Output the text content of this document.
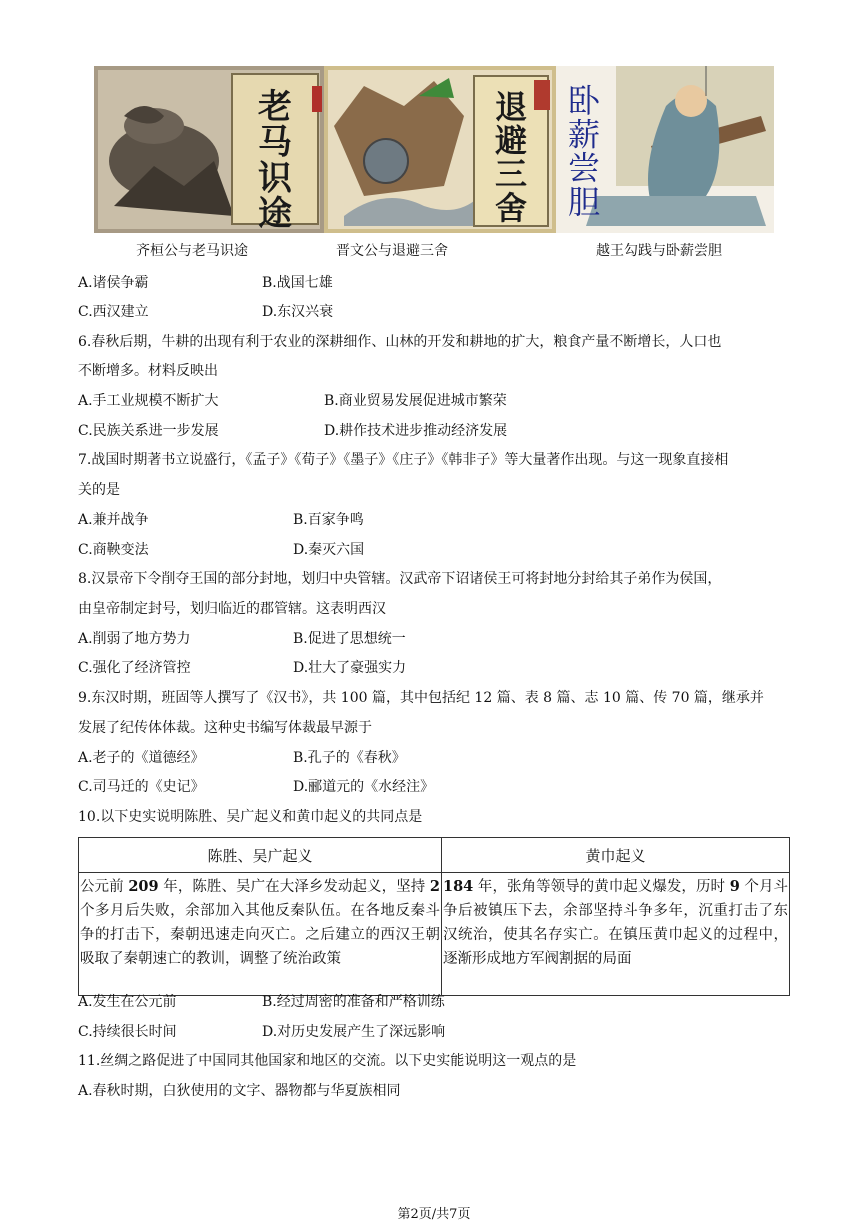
老马识途
退避三舍
卧薪尝胆
齐桓公与老马识途	晋文公与退避三舍	越王勾践与卧薪尝胆
A.诸侯争霸	B.战国七雄
C.西汉建立	D.东汉兴衰
6.春秋后期，牛耕的出现有利于农业的深耕细作、山林的开发和耕地的扩大，粮食产量不断增长，人口也
不断增多。材料反映出
A.手工业规模不断扩大	B.商业贸易发展促进城市繁荣
C.民族关系进一步发展	D.耕作技术进步推动经济发展
7.战国时期著书立说盛行，《孟子》《荀子》《墨子》《庄子》《韩非子》等大量著作出现。与这一现象直接相
关的是
A.兼并战争	B.百家争鸣
C.商鞅变法	D.秦灭六国
8.汉景帝下令削夺王国的部分封地，划归中央管辖。汉武帝下诏诸侯王可将封地分封给其子弟作为侯国，
由皇帝制定封号，划归临近的郡管辖。这表明西汉
A.削弱了地方势力	B.促进了思想统一
C.强化了经济管控	D.壮大了豪强实力
9.东汉时期，班固等人撰写了《汉书》，共 100 篇，其中包括纪 12 篇、表 8 篇、志 10 篇、传 70 篇，继承并
发展了纪传体体裁。这种史书编写体裁最早源于
A.老子的《道德经》	B.孔子的《春秋》
C.司马迁的《史记》	D.郦道元的《水经注》
10.以下史实说明陈胜、吴广起义和黄巾起义的共同点是
陈胜、吴广起义	黄巾起义
公元前 209 年，陈胜、吴广在大泽乡发动起义，坚持 2 个多月后失败，余部加入其他反秦队伍。在各地反秦斗争的打击下，秦朝迅速走向灭亡。之后建立的西汉王朝吸取了秦朝速亡的教训，调整了统治政策	184 年，张角等领导的黄巾起义爆发，历时 9 个月斗争后被镇压下去，余部坚持斗争多年，沉重打击了东汉统治，使其名存实亡。在镇压黄巾起义的过程中，逐渐形成地方军阀割据的局面
A.发生在公元前	B.经过周密的准备和严格训练
C.持续很长时间	D.对历史发展产生了深远影响
11.丝绸之路促进了中国同其他国家和地区的交流。以下史实能说明这一观点的是
A.春秋时期，白狄使用的文字、器物都与华夏族相同
第2页/共7页
